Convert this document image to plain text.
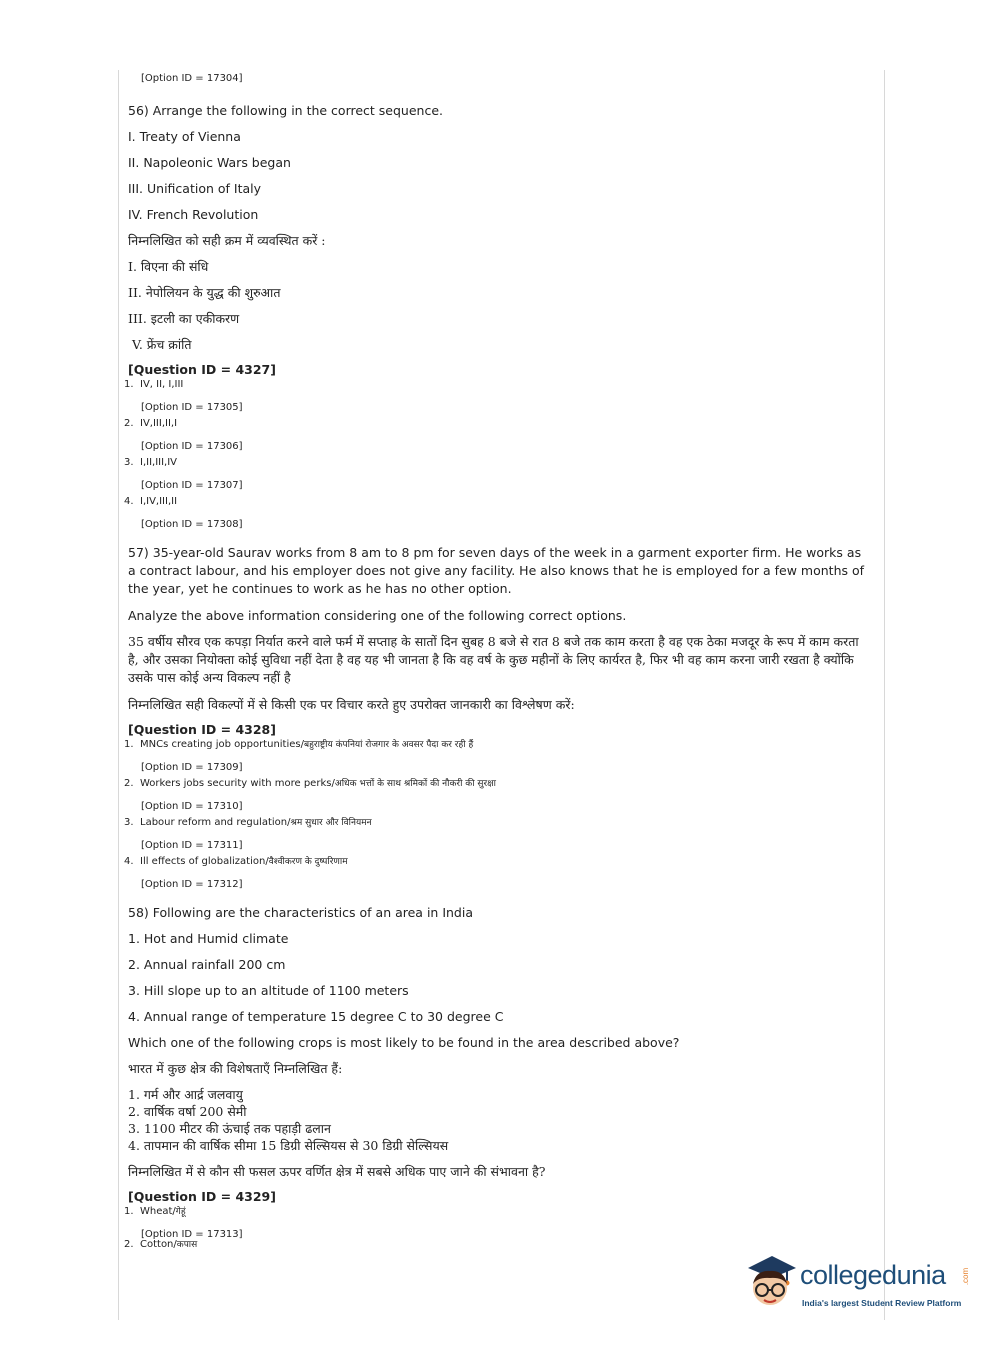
[Option ID = 17304]
56) Arrange the following in the correct sequence.
I. Treaty of Vienna
II. Napoleonic Wars began
III. Unification of Italy
IV. French Revolution
निम्नलिखित को सही क्रम में व्यवस्थित करें :
I. विएना की संधि
II. नेपोलियन के युद्ध की शुरुआत
III. इटली का एकीकरण
V. फ्रेंच क्रांति
[Question ID = 4327]
1. IV, II, I,III
[Option ID = 17305]
2. IV,III,II,I
[Option ID = 17306]
3. I,II,III,IV
[Option ID = 17307]
4. I,IV,III,II
[Option ID = 17308]
57) 35-year-old Saurav works from 8 am to 8 pm for seven days of the week in a garment exporter firm. He works as a contract labour, and his employer does not give any facility. He also knows that he is employed for a few months of the year, yet he continues to work as he has no other option.
Analyze the above information considering one of the following correct options.
35 वर्षीय सौरव एक कपड़ा निर्यात करने वाले फर्म में सप्ताह के सातों दिन सुबह 8 बजे से रात 8 बजे तक काम करता है वह एक ठेका मजदूर के रूप में काम करता है, और उसका नियोक्ता कोई सुविधा नहीं देता है वह यह भी जानता है कि वह वर्ष के कुछ महीनों के लिए कार्यरत है, फिर भी वह काम करना जारी रखता है क्योंकि उसके पास कोई अन्य विकल्प नहीं है
निम्नलिखित सही विकल्पों में से किसी एक पर विचार करते हुए उपरोक्त जानकारी का विश्लेषण करें:
[Question ID = 4328]
1. MNCs creating job opportunities/बहुराष्ट्रीय कंपनियां रोजगार के अवसर पैदा कर रही हैं
[Option ID = 17309]
2. Workers jobs security with more perks/अधिक भत्तों के साथ श्रमिकों की नौकरी की सुरक्षा
[Option ID = 17310]
3. Labour reform and regulation/श्रम सुधार और विनियमन
[Option ID = 17311]
4. Ill effects of globalization/वैश्वीकरण के दुष्परिणाम
[Option ID = 17312]
58) Following are the characteristics of an area in India
1. Hot and Humid climate
2. Annual rainfall 200 cm
3. Hill slope up to an altitude of 1100 meters
4. Annual range of temperature 15 degree C to 30 degree C
Which one of the following crops is most likely to be found in the area described above?
भारत में कुछ क्षेत्र की विशेषताएँ निम्नलिखित हैं:
1. गर्म और आर्द्र जलवायु
2. वार्षिक वर्षा 200 सेमी
3. 1100 मीटर की ऊंचाई तक पहाड़ी ढलान
4. तापमान की वार्षिक सीमा 15 डिग्री सेल्सियस से 30 डिग्री सेल्सियस
निम्नलिखित में से कौन सी फसल ऊपर वर्णित क्षेत्र में सबसे अधिक पाए जाने की संभावना है?
[Question ID = 4329]
1. Wheat/गेहूं
[Option ID = 17313]
2. Cotton/कपास
collegedunia .com
India's largest Student Review Platform
